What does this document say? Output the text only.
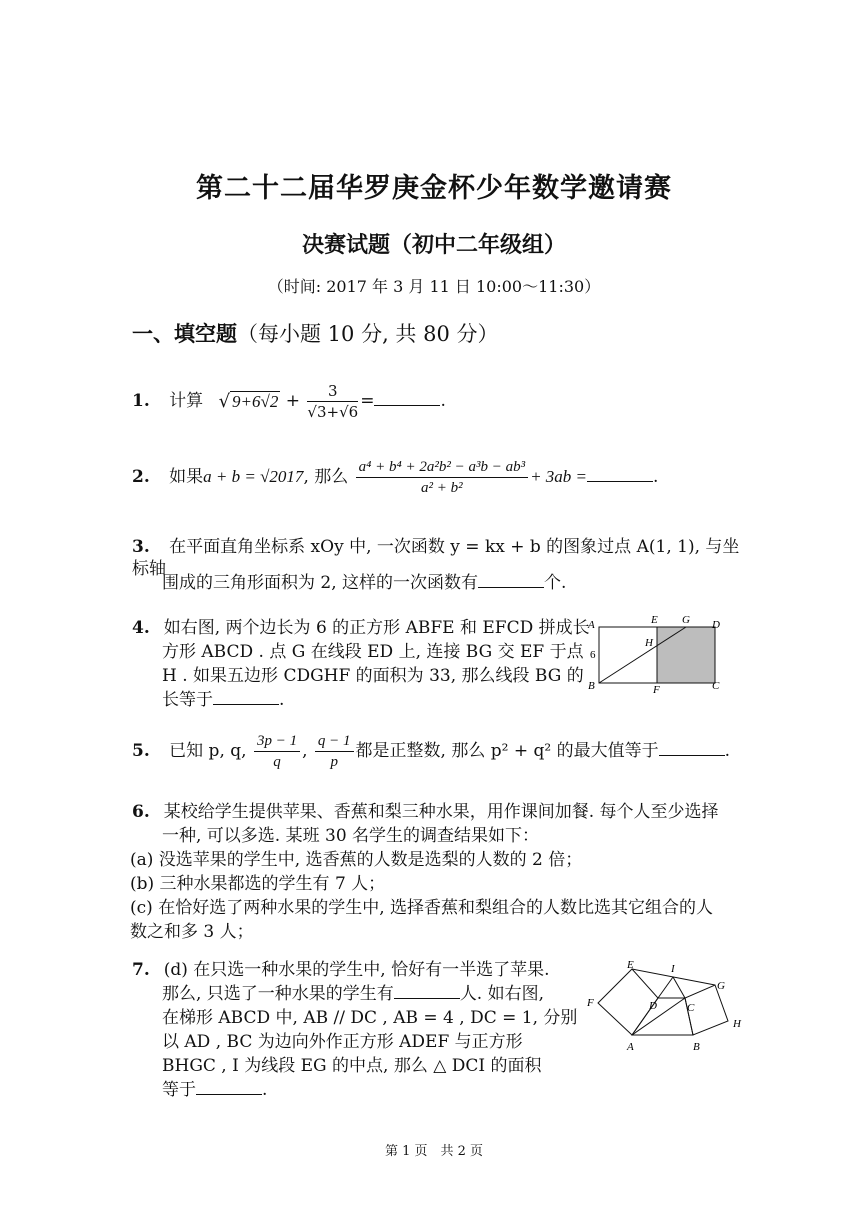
第二十二届华罗庚金杯少年数学邀请赛
决赛试题（初中二年级组）
（时间: 2017 年 3 月 11 日 10:00～11:30）
一、填空题（每小题 10 分, 共 80 分）
1. 计算 √ $9+6√2 + \frac{3}{√3+√6}$ =	.
2. 如果a + b = √2017, 那么 $\frac{\text{a⁴ + b⁴ + 2a²b² − a³b − ab³}}{\text{a² + b²}} + 3ab$ =	.
3. 在平面直角坐标系 xOy 中, 一次函数 y = kx + b 的图象过点 A(1, 1), 与坐标轴
围成的三角形面积为 2, 这样的一次函数有	个.
4. 如右图, 两个边长为 6 的正方形 ABFE 和 EFCD 拼成长
方形 ABCD . 点 G 在线段 ED 上, 连接 BG 交 EF 于点
H . 如果五边形 CDGHF 的面积为 33, 那么线段 BG 的
长等于	.
A	E G D
H
6
B	F	C
5. 已知 p, q, $\frac{3p - 1}{q}$ , $\frac{q - 1}{p}$ 都是正整数, 那么 p² + q² 的最大值等于	.
6. 某校给学生提供苹果、香蕉和梨三种水果，用作课间加餐. 每个人至少选择
一种, 可以多选. 某班 30 名学生的调查结果如下：
(a) 没选苹果的学生中, 选香蕉的人数是选梨的人数的 2 倍；
(b) 三种水果都选的学生有 7 人；
(c) 在恰好选了两种水果的学生中, 选择香蕉和梨组合的人数比选其它组合的人
数之和多 3 人；
7. (d) 在只选一种水果的学生中, 恰好有一半选了苹果.
那么, 只选了一种水果的学生有	人. 如右图,
在梯形 ABCD 中, AB // DC , AB = 4 , DC = 1, 分别
以 AD , BC 为边向外作正方形 ADEF 与正方形
BHGC , I 为线段 EG 的中点, 那么 △ DCI 的面积
等于	.
E	I
G
F	D	C
H
A	B
第 1 页　共 2 页
